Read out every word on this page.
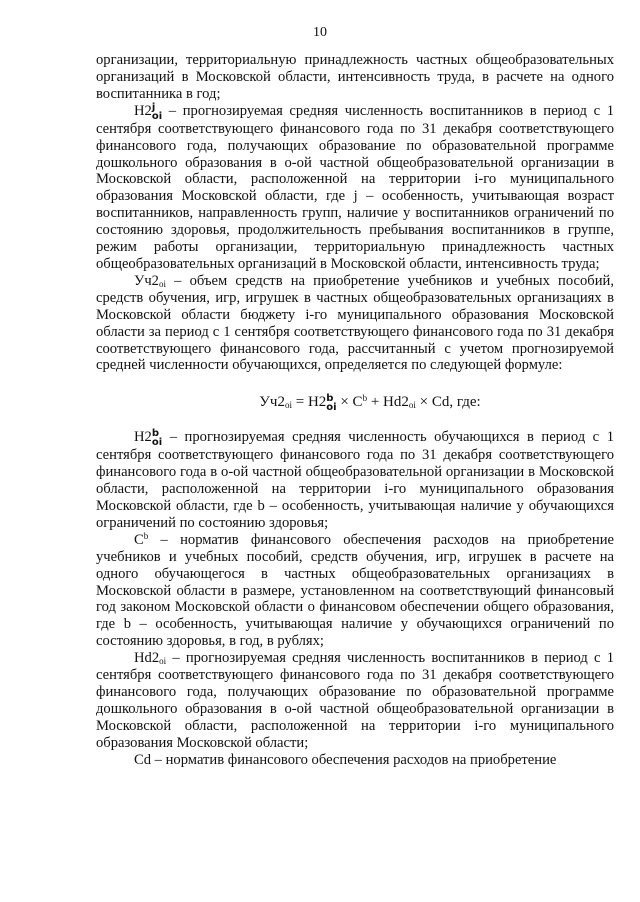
10

организации, территориальную принадлежность частных общеобразовательных организаций в Московской области, интенсивность труда, в расчете на одного воспитанника в год;

Н2 j
oi – прогнозируемая средняя численность воспитанников в период с 1 сентября соответствующего финансового года по 31 декабря соответствующего финансового года, получающих образование по образовательной программе дошкольного образования в о-ой частной общеобразовательной организации в Московской области, расположенной на территории i-го муниципального образования Московской области, где j – особенность, учитывающая возраст воспитанников, направленность групп, наличие у воспитанников ограничений по состоянию здоровья, продолжительность пребывания воспитанников в группе, режим работы организации, территориальную принадлежность частных общеобразовательных организаций в Московской области, интенсивность труда;

$Уч2_{oi}$ – объем средств на приобретение учебников и учебных пособий, средств обучения, игр, игрушек в частных общеобразовательных организациях в Московской области бюджету i-го муниципального образования Московской области за период с 1 сентября соответствующего финансового года по 31 декабря соответствующего финансового года, рассчитанный с учетом прогнозируемой средней численности обучающихся, определяется по следующей формуле:

$Уч2_{oi} = Н2$ b
oi × $С^b + Нd2_{oi}$ × Сd, где:

Н2 b
oi – прогнозируемая средняя численность обучающихся в период с 1 сентября соответствующего финансового года по 31 декабря соответствующего финансового года в о-ой частной общеобразовательной организации в Московской области, расположенной на территории i-го муниципального образования Московской области, где b – особенность, учитывающая наличие у обучающихся ограничений по состоянию здоровья;

$С^b$ – норматив финансового обеспечения расходов на приобретение учебников и учебных пособий, средств обучения, игр, игрушек в расчете на одного обучающегося в частных общеобразовательных организациях в Московской области в размере, установленном на соответствующий финансовый год законом Московской области о финансовом обеспечении общего образования, где b – особенность, учитывающая наличие у обучающихся ограничений по состоянию здоровья, в год, в рублях;

$Нd2_{oi}$ – прогнозируемая средняя численность воспитанников в период с 1 сентября соответствующего финансового года по 31 декабря соответствующего финансового года, получающих образование по образовательной программе дошкольного образования в о-ой частной общеобразовательной организации в Московской области, расположенной на территории i-го муниципального образования Московской области;

Сd – норматив финансового обеспечения расходов на приобретение
